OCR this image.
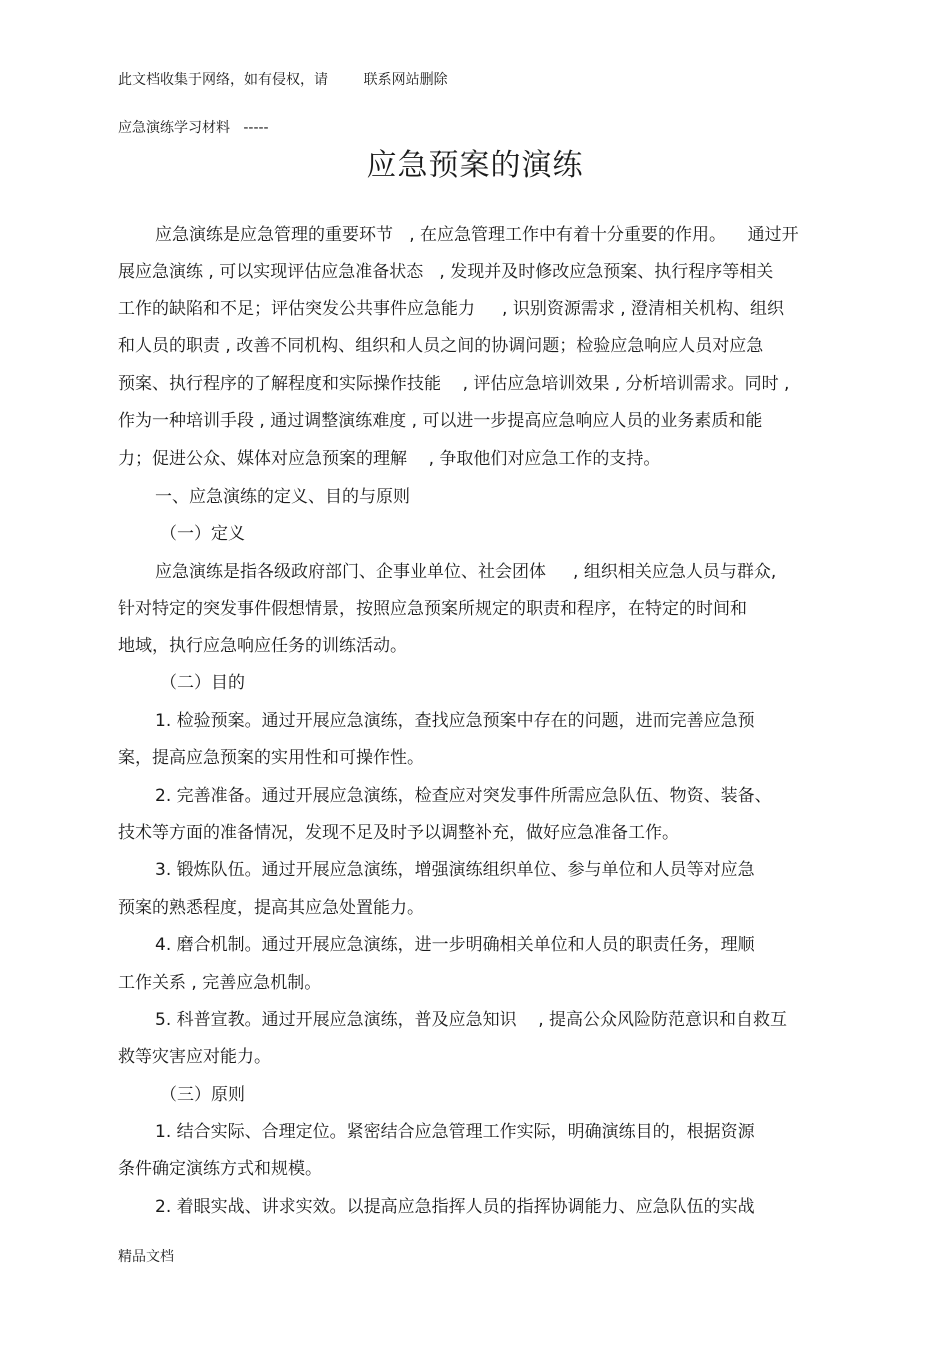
此文档收集于网络，如有侵权，请        联系网站删除
应急演练学习材料   -----
应急预案的演练
应急演练是应急管理的重要环节   , 在应急管理工作中有着十分重要的作用。    通过开
展应急演练 , 可以实现评估应急准备状态   , 发现并及时修改应急预案、执行程序等相关
工作的缺陷和不足；评估突发公共事件应急能力     , 识别资源需求 , 澄清相关机构、组织
和人员的职责 , 改善不同机构、组织和人员之间的协调问题；检验应急响应人员对应急
预案、执行程序的了解程度和实际操作技能    , 评估应急培训效果 , 分析培训需求。同时 ,
作为一种培训手段 , 通过调整演练难度 , 可以进一步提高应急响应人员的业务素质和能
力；促进公众、媒体对应急预案的理解    , 争取他们对应急工作的支持。
一、应急演练的定义、目的与原则
（一）定义
应急演练是指各级政府部门、企事业单位、社会团体     , 组织相关应急人员与群众,
针对特定的突发事件假想情景，按照应急预案所规定的职责和程序，在特定的时间和
地域，执行应急响应任务的训练活动。
（二）目的
1. 检验预案。通过开展应急演练，查找应急预案中存在的问题，进而完善应急预
案，提高应急预案的实用性和可操作性。
2. 完善准备。通过开展应急演练，检查应对突发事件所需应急队伍、物资、装备、
技术等方面的准备情况，发现不足及时予以调整补充，做好应急准备工作。
3. 锻炼队伍。通过开展应急演练，增强演练组织单位、参与单位和人员等对应急
预案的熟悉程度，提高其应急处置能力。
4. 磨合机制。通过开展应急演练，进一步明确相关单位和人员的职责任务，理顺
工作关系 , 完善应急机制。
5. 科普宣教。通过开展应急演练，普及应急知识    , 提高公众风险防范意识和自救互
救等灾害应对能力。
（三）原则
1. 结合实际、合理定位。紧密结合应急管理工作实际，明确演练目的，根据资源
条件确定演练方式和规模。
2. 着眼实战、讲求实效。以提高应急指挥人员的指挥协调能力、应急队伍的实战
精品文档
